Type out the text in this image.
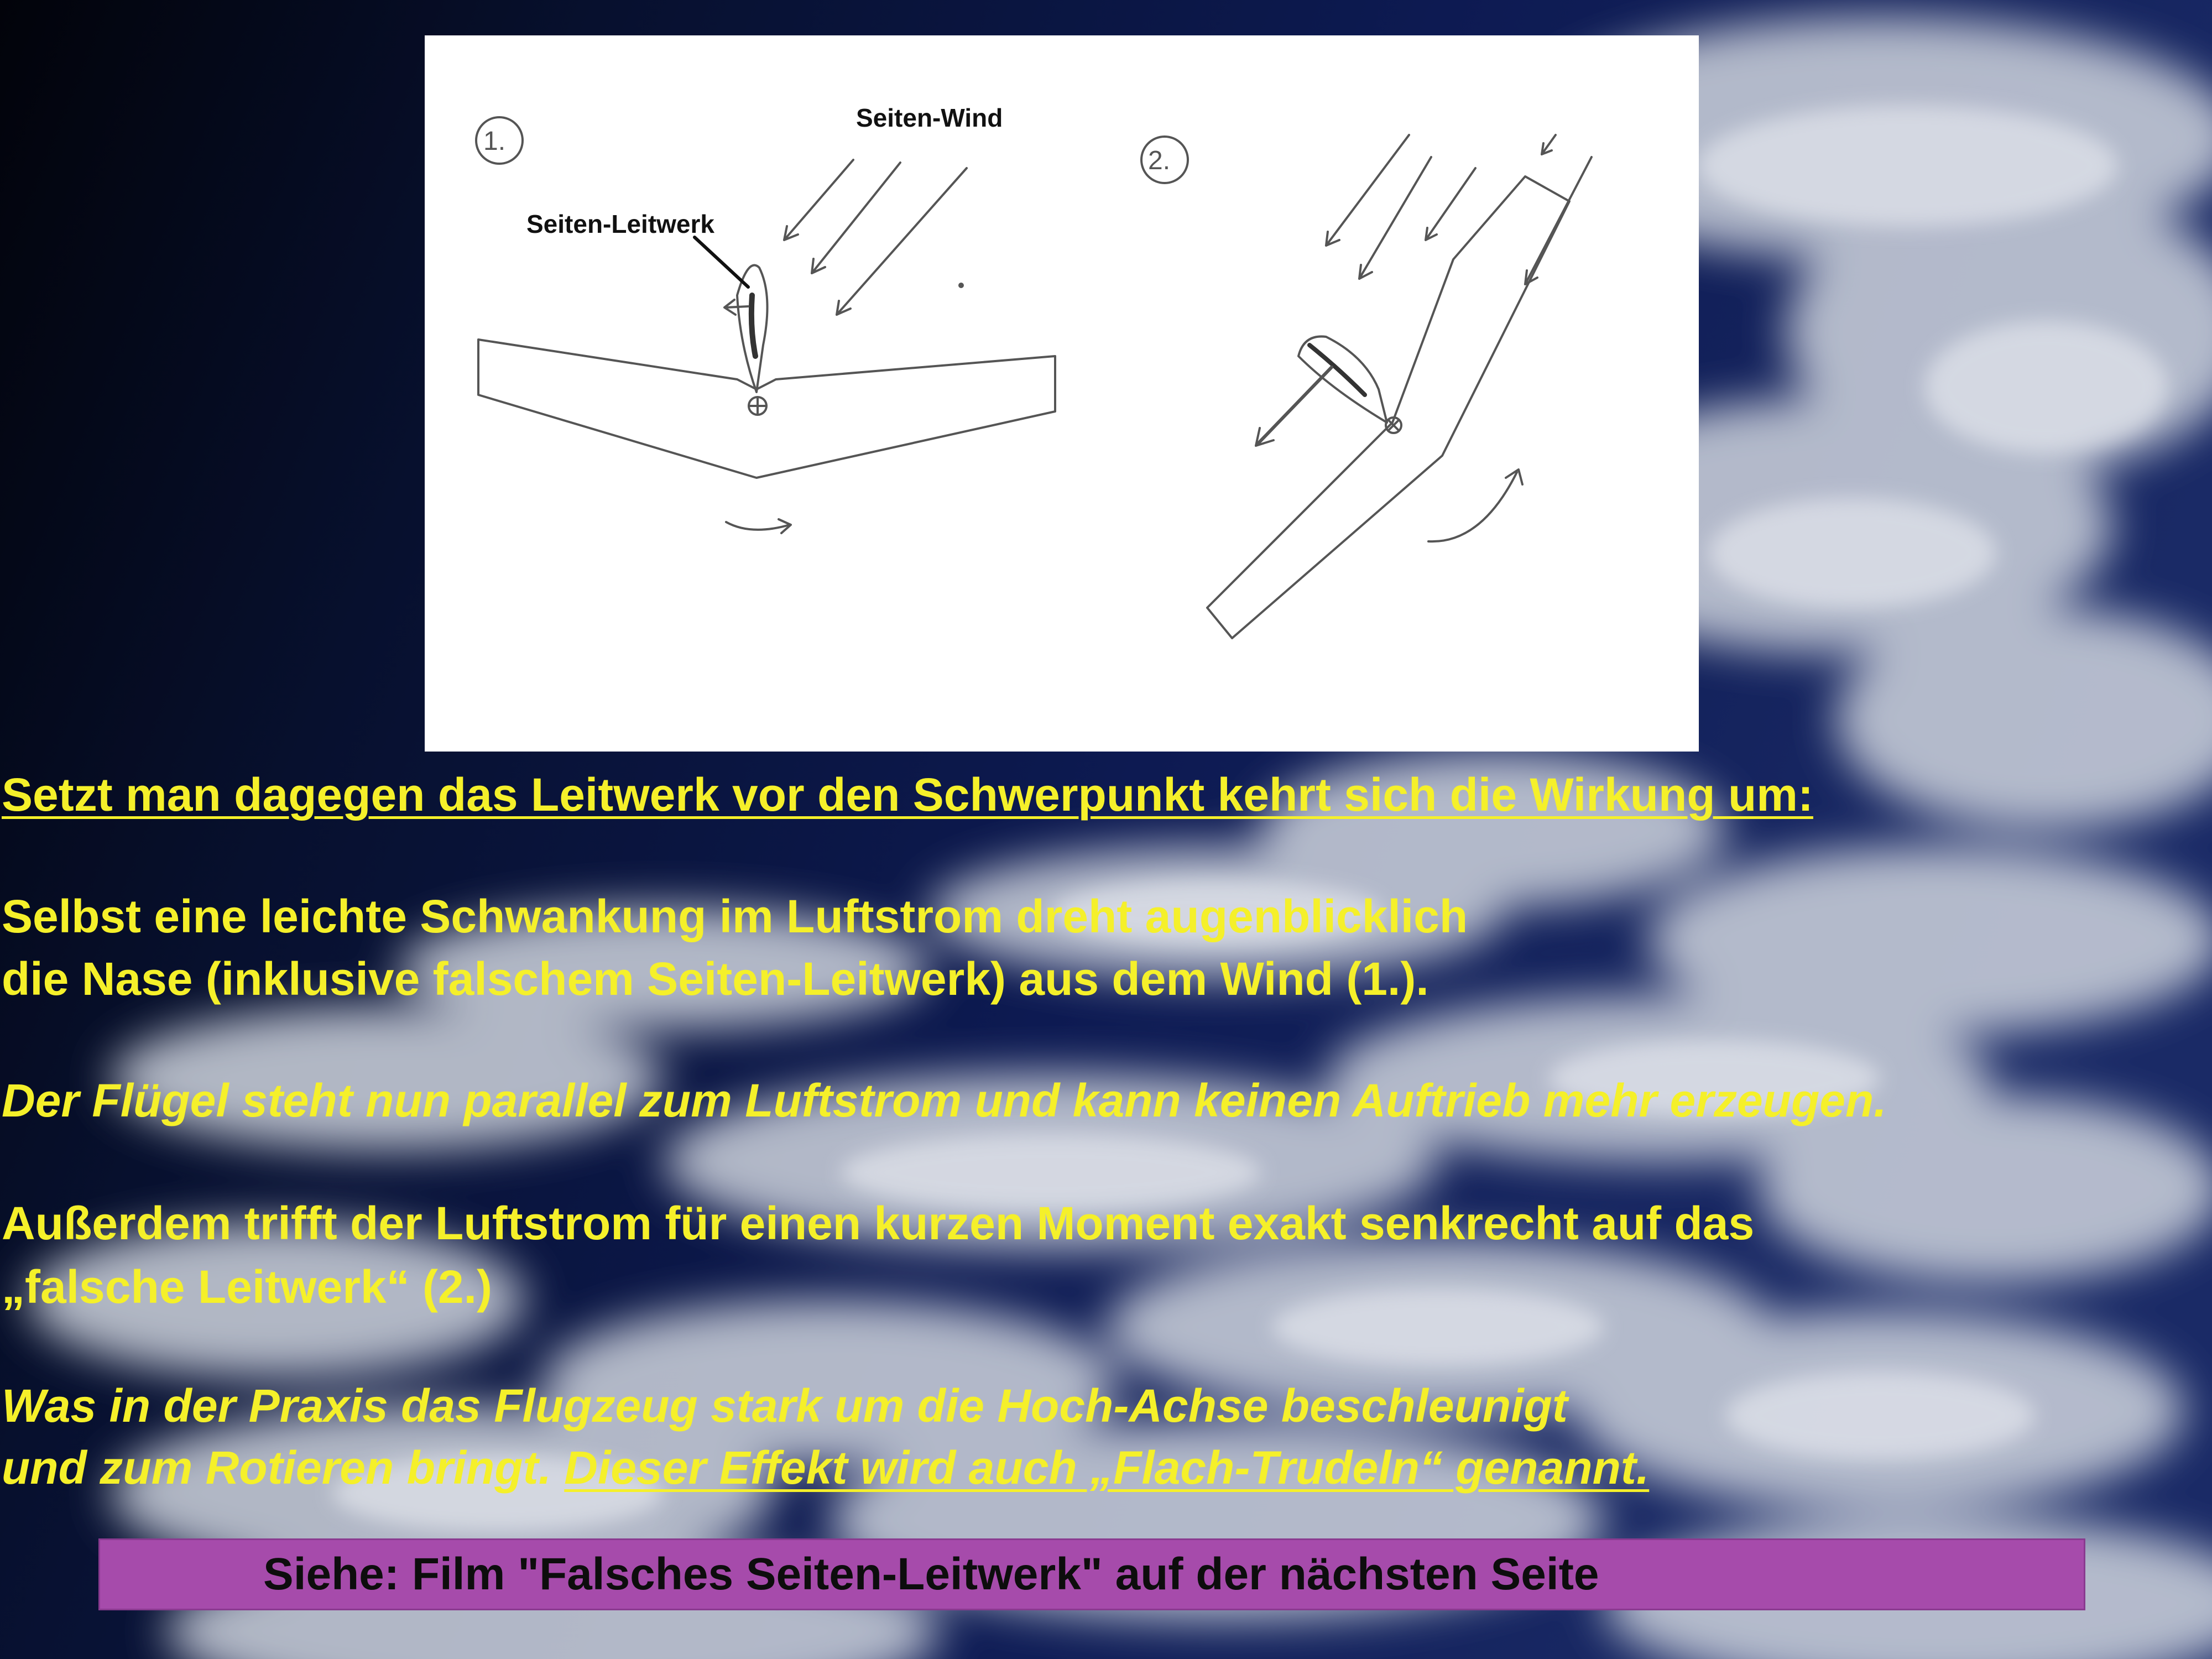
1.
2.
Seiten-Wind
Seiten-Leitwerk
Setzt man dagegen das Leitwerk vor den Schwerpunkt kehrt sich die Wirkung um:
Selbst eine leichte Schwankung im Luftstrom dreht augenblicklich
die Nase (inklusive falschem Seiten-Leitwerk) aus dem Wind (1.).
Der Flügel steht nun parallel zum Luftstrom und kann keinen Auftrieb mehr erzeugen.
Außerdem trifft der Luftstrom für einen kurzen Moment exakt senkrecht auf das
„falsche Leitwerk“ (2.)
Was in der Praxis das Flugzeug stark um die Hoch-Achse beschleunigt
und zum Rotieren bringt. Dieser Effekt wird auch „Flach-Trudeln“ genannt.
Siehe: Film "Falsches Seiten-Leitwerk" auf der nächsten Seite
